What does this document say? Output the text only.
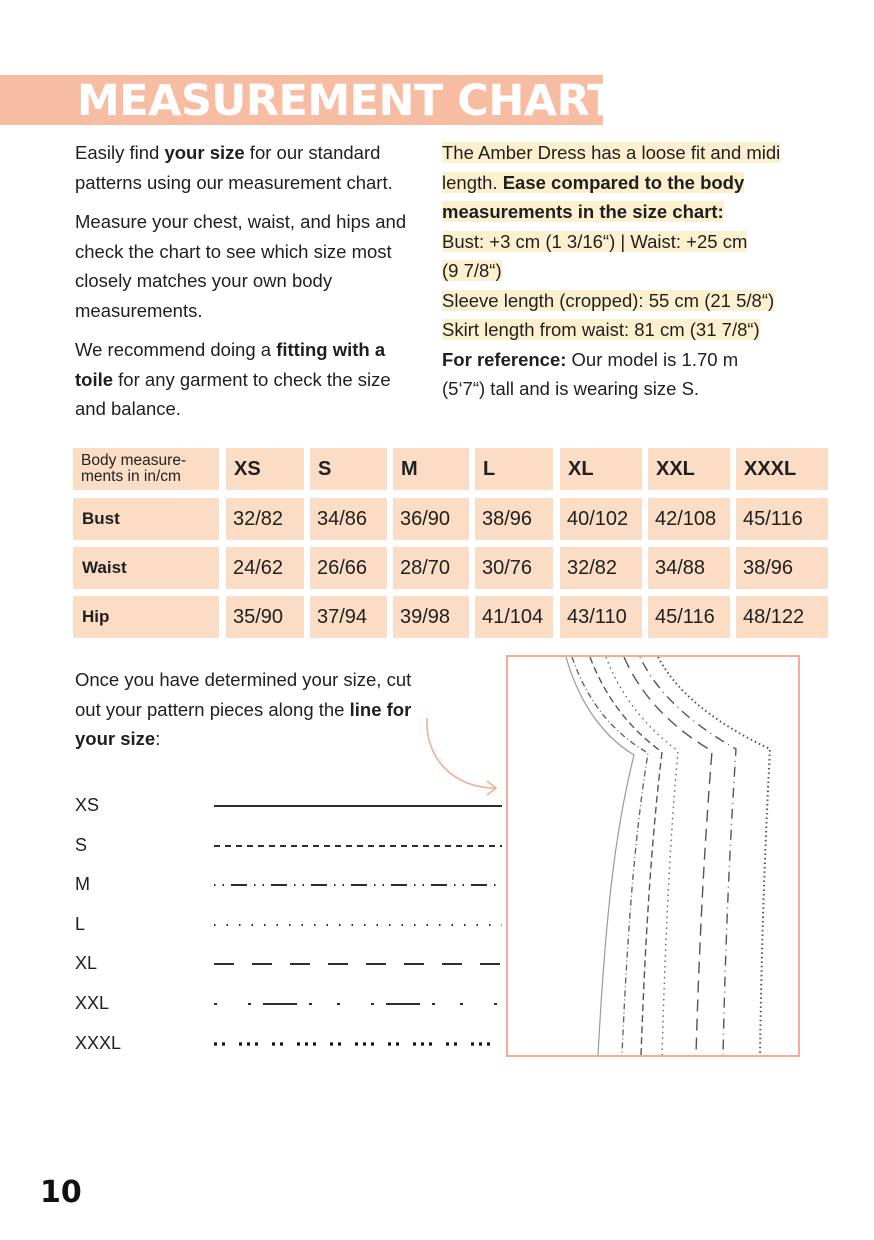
MEASUREMENT CHART

Easily find your size for our standard patterns using our measurement chart.

Measure your chest, waist, and hips and check the chart to see which size most closely matches your own body measurements.

We recommend doing a fitting with a toile for any garment to check the size and balance.

The Amber Dress has a loose fit and midi
length. Ease compared to the body
measurements in the size chart:
Bust: +3 cm (1 3/16“) | Waist: +25 cm
(9 7/8“)
Sleeve length (cropped): 55 cm (21 5/8“)
Skirt length from waist: 81 cm (31 7/8“)
For reference: Our model is 1.70 m
(5‘7“) tall and is wearing size S.
Body measure-
ments in in/cm	XS	S	M	L	XL	XXL	XXXL
Bust	32/82	34/86	36/90	38/96	40/102	42/108	45/116
Waist	24/62	26/66	28/70	30/76	32/82	34/88	38/96
Hip	35/90	37/94	39/98	41/104	43/110	45/116	48/122
Once you have determined your size, cut out your pattern pieces along the line for your size:
XS
S
M
L
XL
XXL
XXXL
10
